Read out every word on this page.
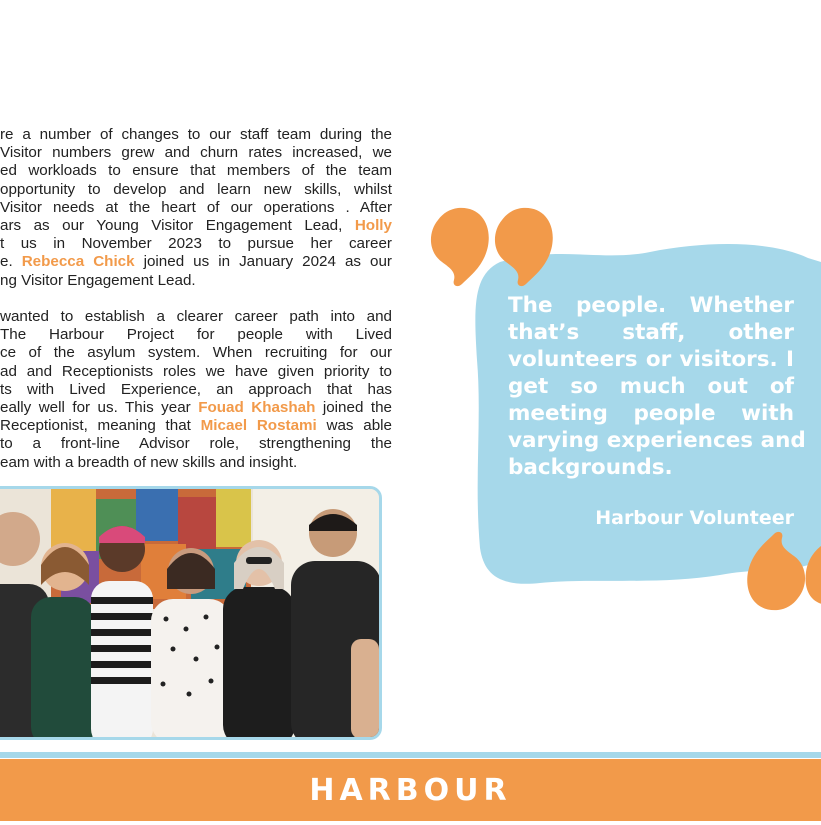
re a number of changes to our staff team during the
Visitor numbers grew and churn rates increased, we
ed workloads to ensure that members of the team
opportunity to develop and learn new skills, whilst
Visitor needs at the heart of our operations . After
ars as our Young Visitor Engagement Lead, Holly
t us in November 2023 to pursue her career
e. Rebecca Chick joined us in January 2024 as our
ng Visitor Engagement Lead.
wanted to establish a clearer career path into and
The Harbour Project for people with Lived
ce of the asylum system. When recruiting for our
ad and Receptionists roles we have given priority to
ts with Lived Experience, an approach that has
eally well for us. This year Fouad Khashah joined the
Receptionist, meaning that Micael Rostami was able
to a front-line Advisor role, strengthening the
eam with a breadth of new skills and insight.
The people. Whether
that’s staff, other
volunteers or visitors. I
get so much out of
meeting people with
varying experiences and
backgrounds.
Harbour Volunteer
HARBOUR
